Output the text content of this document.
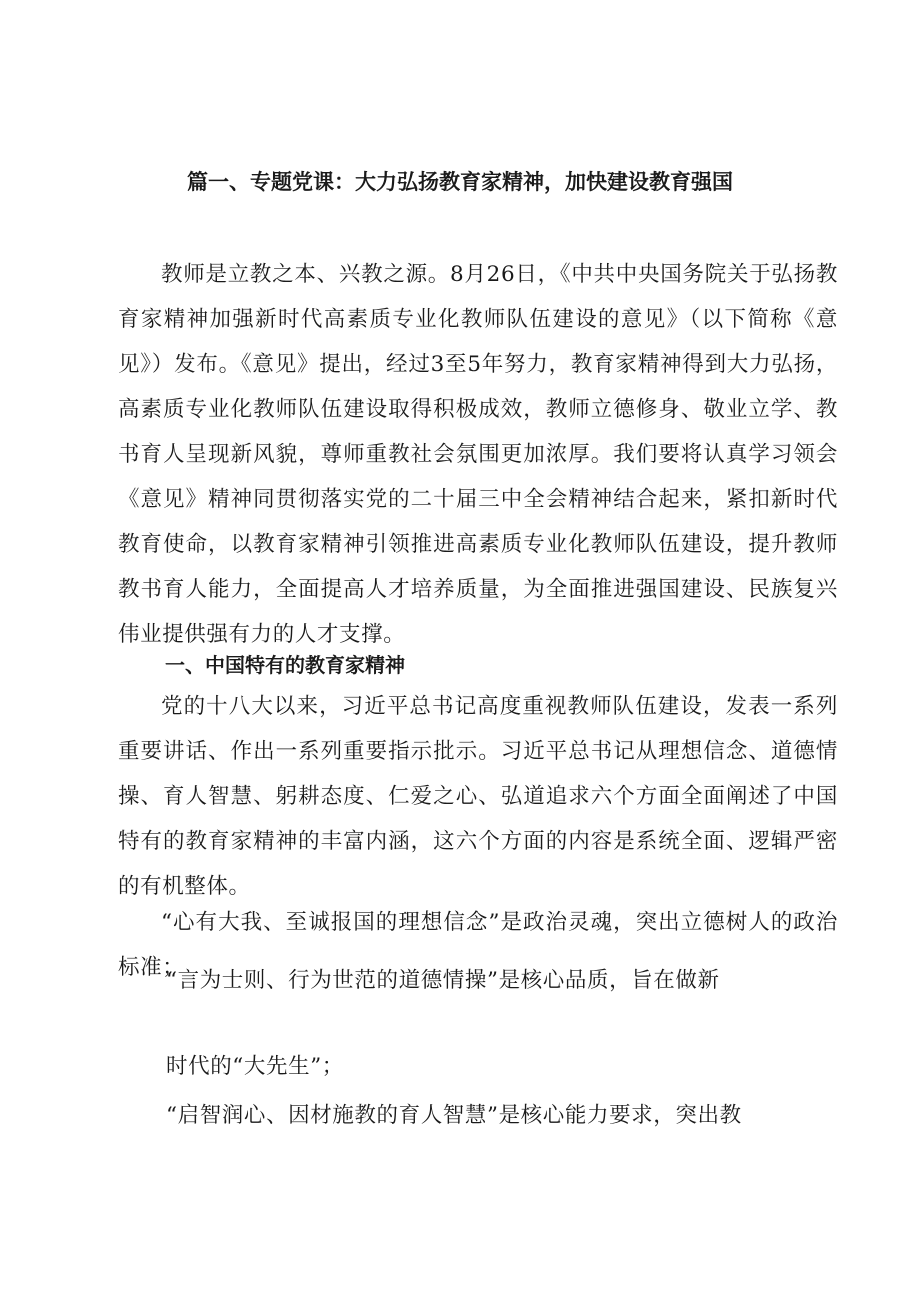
篇一、专题党课：大力弘扬教育家精神，加快建设教育强国

教师是立教之本、兴教之源。8月26日，《中共中央国务院关于弘扬教育家精神加强新时代高素质专业化教师队伍建设的意见》（以下简称《意见》）发布。《意见》提出，经过3至5年努力，教育家精神得到大力弘扬，高素质专业化教师队伍建设取得积极成效，教师立德修身、敬业立学、教书育人呈现新风貌，尊师重教社会氛围更加浓厚。我们要将认真学习领会《意见》精神同贯彻落实党的二十届三中全会精神结合起来，紧扣新时代教育使命，以教育家精神引领推进高素质专业化教师队伍建设，提升教师教书育人能力，全面提高人才培养质量，为全面推进强国建设、民族复兴伟业提供强有力的人才支撑。

一、中国特有的教育家精神

党的十八大以来，习近平总书记高度重视教师队伍建设，发表一系列重要讲话、作出一系列重要指示批示。习近平总书记从理想信念、道德情操、育人智慧、躬耕态度、仁爱之心、弘道追求六个方面全面阐述了中国特有的教育家精神的丰富内涵，这六个方面的内容是系统全面、逻辑严密的有机整体。

“心有大我、至诚报国的理想信念”是政治灵魂，突出立德树人的政治标准；

“言为士则、行为世范的道德情操”是核心品质，旨在做新

时代的“大先生”；

“启智润心、因材施教的育人智慧”是核心能力要求，突出教
